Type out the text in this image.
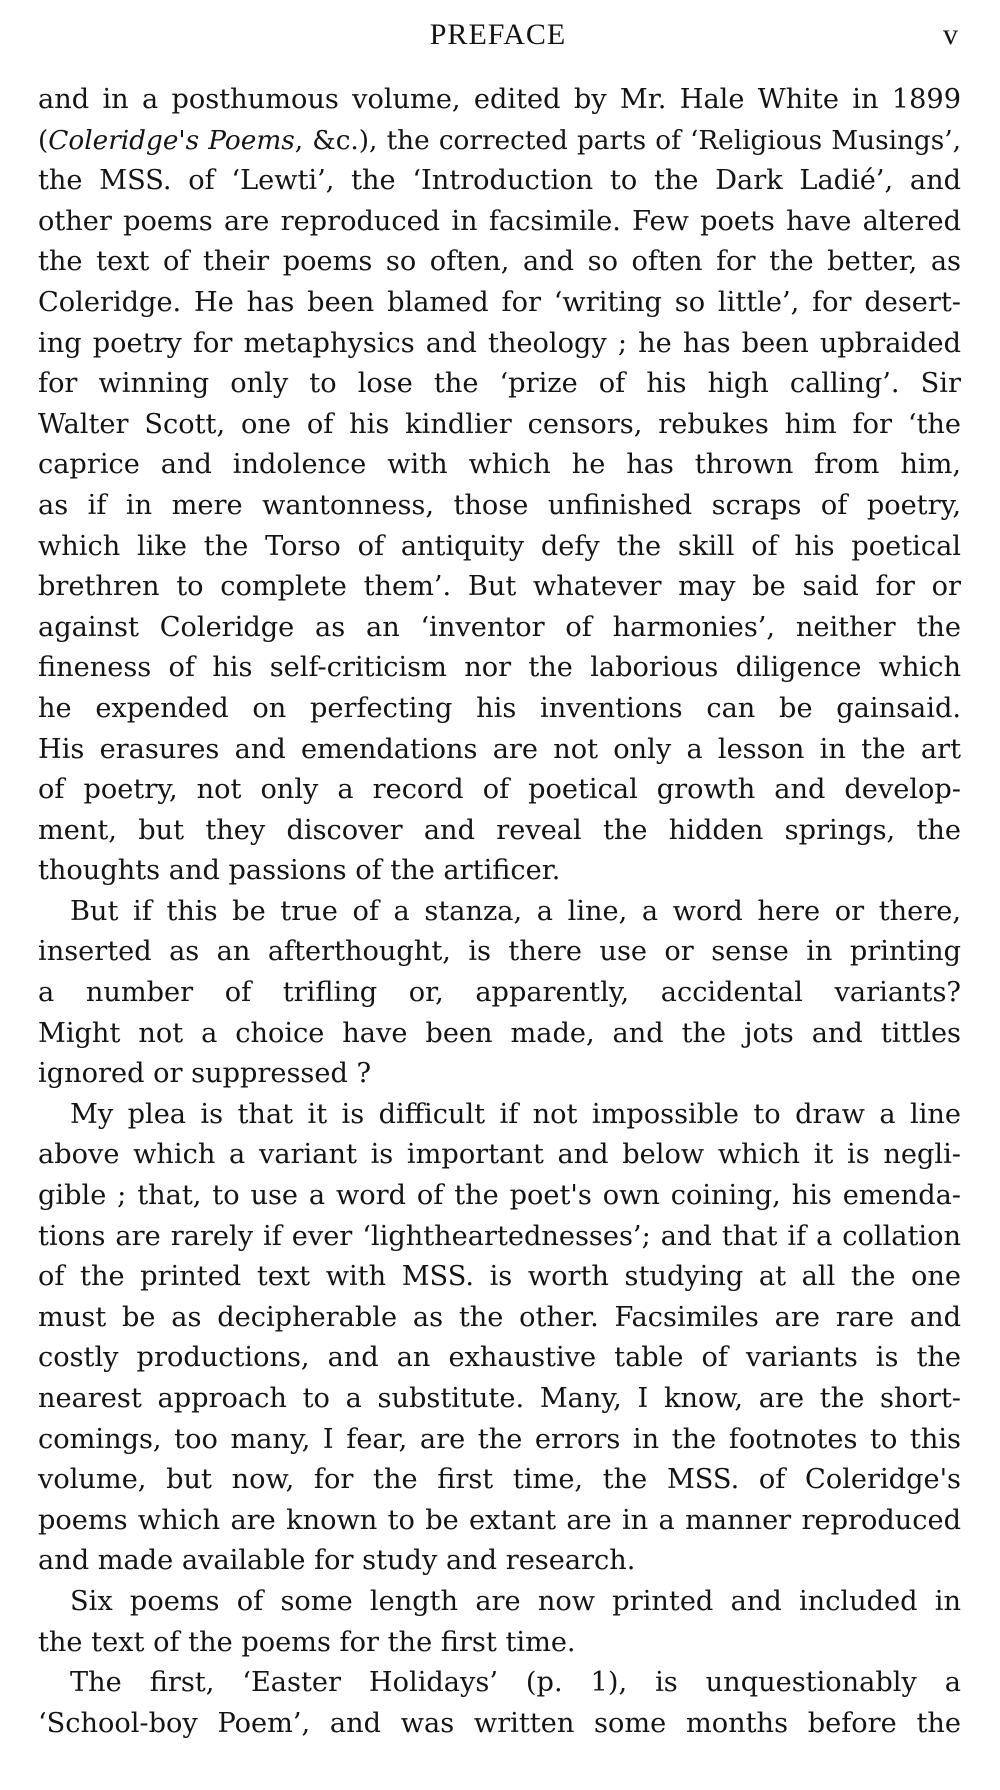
PREFACE	v
and in a posthumous volume, edited by Mr. Hale White in 1899
(Coleridge's Poems, &c.), the corrected parts of ‘Religious Musings’,
the MSS. of ‘Lewti’, the ‘Introduction to the Dark Ladié’, and
other poems are reproduced in facsimile. Few poets have altered
the text of their poems so often, and so often for the better, as
Coleridge. He has been blamed for ‘writing so little’, for desert-
ing poetry for metaphysics and theology ; he has been upbraided
for winning only to lose the ‘prize of his high calling’. Sir
Walter Scott, one of his kindlier censors, rebukes him for ‘the
caprice and indolence with which he has thrown from him,
as if in mere wantonness, those unfinished scraps of poetry,
which like the Torso of antiquity defy the skill of his poetical
brethren to complete them’. But whatever may be said for or
against Coleridge as an ‘inventor of harmonies’, neither the
fineness of his self-criticism nor the laborious diligence which
he expended on perfecting his inventions can be gainsaid.
His erasures and emendations are not only a lesson in the art
of poetry, not only a record of poetical growth and develop-
ment, but they discover and reveal the hidden springs, the
thoughts and passions of the artificer.
But if this be true of a stanza, a line, a word here or there,
inserted as an afterthought, is there use or sense in printing
a number of trifling or, apparently, accidental variants?
Might not a choice have been made, and the jots and tittles
ignored or suppressed ?
My plea is that it is difficult if not impossible to draw a line
above which a variant is important and below which it is negli-
gible ; that, to use a word of the poet's own coining, his emenda-
tions are rarely if ever ‘lightheartednesses’; and that if a collation
of the printed text with MSS. is worth studying at all the one
must be as decipherable as the other. Facsimiles are rare and
costly productions, and an exhaustive table of variants is the
nearest approach to a substitute. Many, I know, are the short-
comings, too many, I fear, are the errors in the footnotes to this
volume, but now, for the first time, the MSS. of Coleridge's
poems which are known to be extant are in a manner reproduced
and made available for study and research.
Six poems of some length are now printed and included in
the text of the poems for the first time.
The first, ‘Easter Holidays’ (p. 1), is unquestionably a
‘School-boy Poem’, and was written some months before the
